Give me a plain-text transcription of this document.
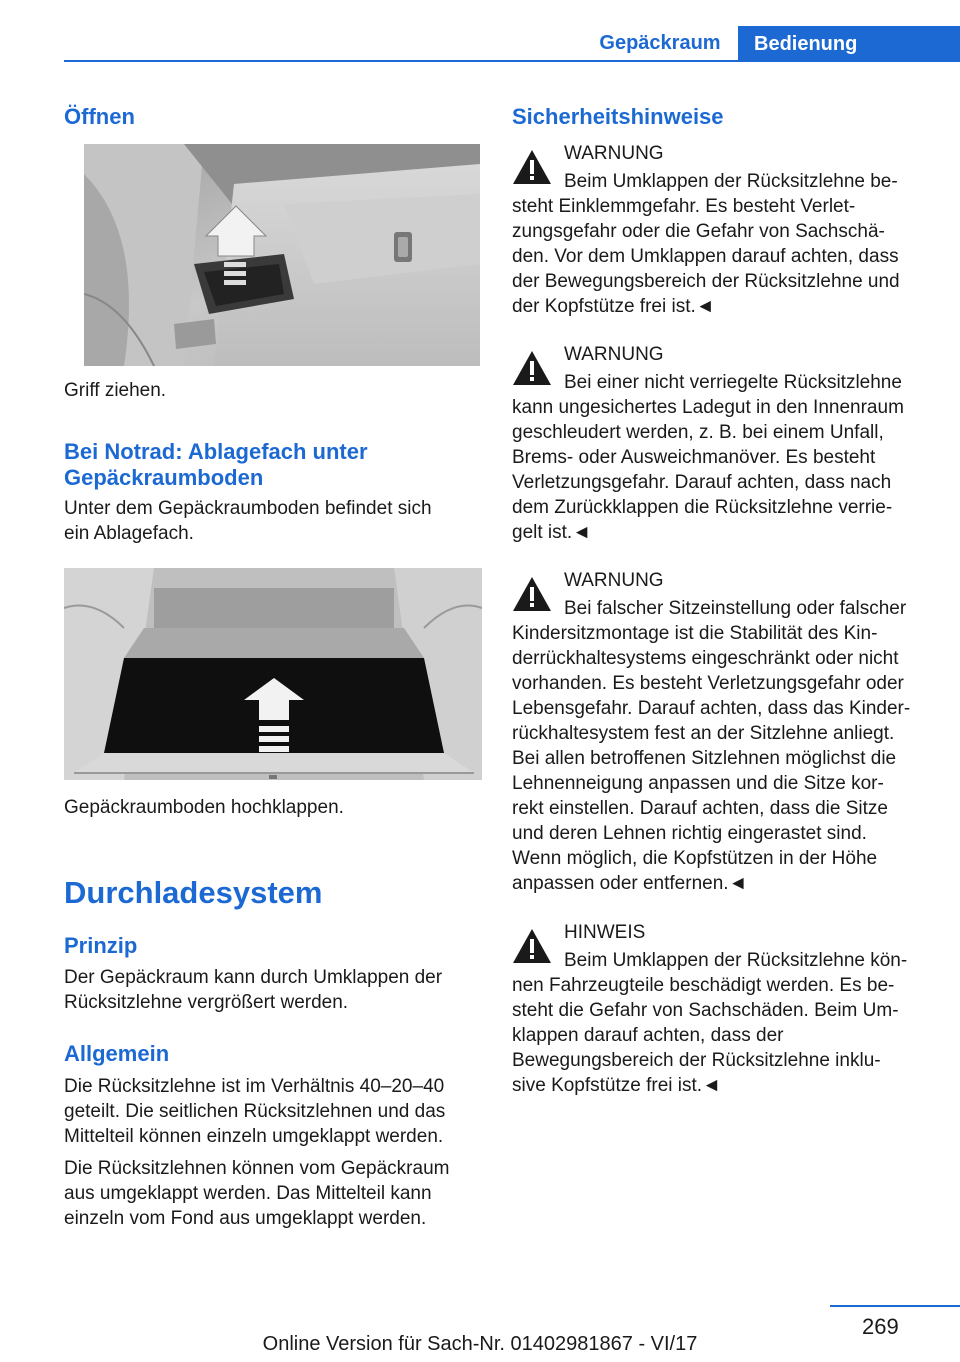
Gepäckraum	Bedienung
Öffnen
Griff ziehen.
Bei Notrad: Ablagefach unter
Gepäckraumboden
Unter dem Gepäckraumboden befindet sich
ein Ablagefach.
Gepäckraumboden hochklappen.
Durchladesystem
Prinzip
Der Gepäckraum kann durch Umklappen der
Rücksitzlehne vergrößert werden.
Allgemein
Die Rücksitzlehne ist im Verhältnis 40–20–40
geteilt. Die seitlichen Rücksitzlehnen und das
Mittelteil können einzeln umgeklappt werden.
Die Rücksitzlehnen können vom Gepäckraum
aus umgeklappt werden. Das Mittelteil kann
einzeln vom Fond aus umgeklappt werden.
Sicherheitshinweise
WARNUNG
Beim Umklappen der Rücksitzlehne be-
steht Einklemmgefahr. Es besteht Verlet-
zungsgefahr oder die Gefahr von Sachschä-
den. Vor dem Umklappen darauf achten, dass
der Bewegungsbereich der Rücksitzlehne und
der Kopfstütze frei ist.◄
WARNUNG
Bei einer nicht verriegelte Rücksitzlehne
kann ungesichertes Ladegut in den Innenraum
geschleudert werden, z. B. bei einem Unfall,
Brems- oder Ausweichmanöver. Es besteht
Verletzungsgefahr. Darauf achten, dass nach
dem Zurückklappen die Rücksitzlehne verrie-
gelt ist.◄
WARNUNG
Bei falscher Sitzeinstellung oder falscher
Kindersitzmontage ist die Stabilität des Kin-
derrückhaltesystems eingeschränkt oder nicht
vorhanden. Es besteht Verletzungsgefahr oder
Lebensgefahr. Darauf achten, dass das Kinder-
rückhaltesystem fest an der Sitzlehne anliegt.
Bei allen betroffenen Sitzlehnen möglichst die
Lehnenneigung anpassen und die Sitze kor-
rekt einstellen. Darauf achten, dass die Sitze
und deren Lehnen richtig eingerastet sind.
Wenn möglich, die Kopfstützen in der Höhe
anpassen oder entfernen.◄
HINWEIS
Beim Umklappen der Rücksitzlehne kön-
nen Fahrzeugteile beschädigt werden. Es be-
steht die Gefahr von Sachschäden. Beim Um-
klappen darauf achten, dass der
Bewegungsbereich der Rücksitzlehne inklu-
sive Kopfstütze frei ist.◄
269
Online Version für Sach-Nr. 01402981867 - VI/17
